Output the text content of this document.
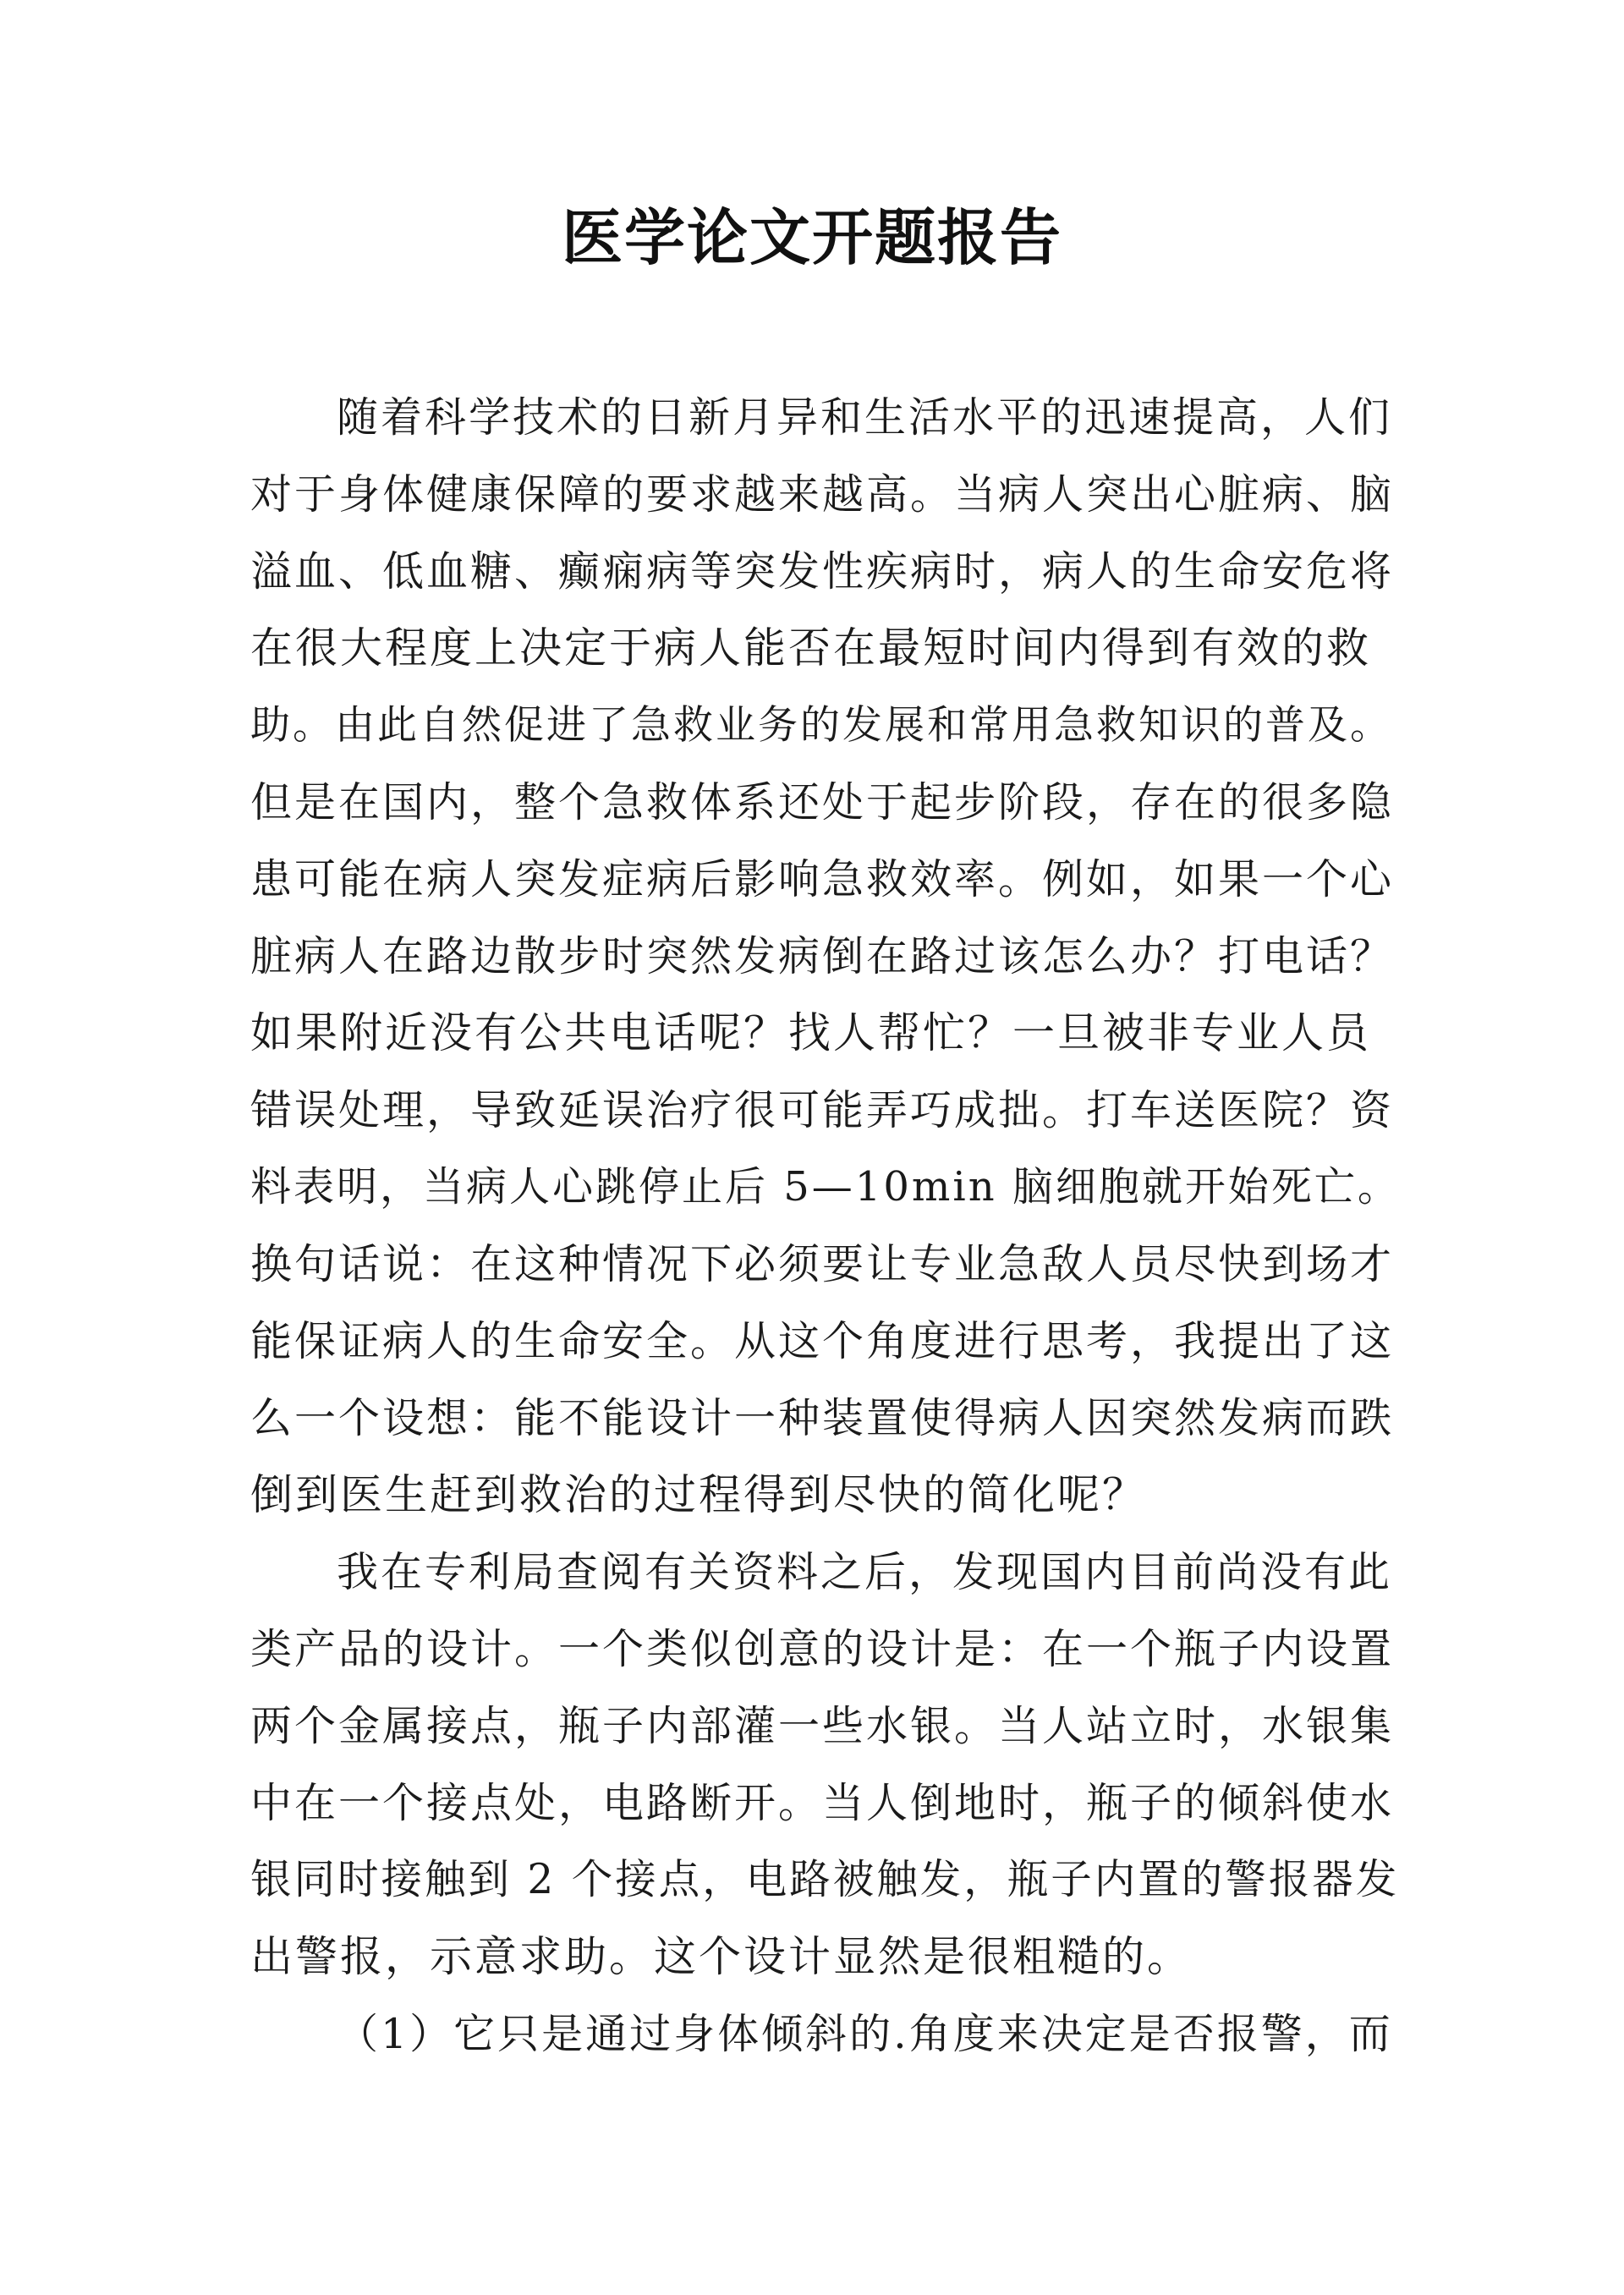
医学论文开题报告
随着科学技术的日新月异和生活水平的迅速提高，人们
对于身体健康保障的要求越来越高。当病人突出心脏病、脑
溢血、低血糖、癫痫病等突发性疾病时，病人的生命安危将
在很大程度上决定于病人能否在最短时间内得到有效的救
助。由此自然促进了急救业务的发展和常用急救知识的普及。
但是在国内，整个急救体系还处于起步阶段，存在的很多隐
患可能在病人突发症病后影响急救效率。例如，如果一个心
脏病人在路边散步时突然发病倒在路过该怎么办？打电话？
如果附近没有公共电话呢？找人帮忙？一旦被非专业人员
错误处理，导致延误治疗很可能弄巧成拙。打车送医院？资
料表明，当病人心跳停止后 5—10min 脑细胞就开始死亡。
换句话说：在这种情况下必须要让专业急敌人员尽快到场才
能保证病人的生命安全。从这个角度进行思考，我提出了这
么一个设想：能不能设计一种装置使得病人因突然发病而跌
倒到医生赶到救治的过程得到尽快的简化呢？
我在专利局查阅有关资料之后，发现国内目前尚没有此
类产品的设计。一个类似创意的设计是：在一个瓶子内设置
两个金属接点，瓶子内部灌一些水银。当人站立时，水银集
中在一个接点处，电路断开。当人倒地时，瓶子的倾斜使水
银同时接触到 2 个接点，电路被触发，瓶子内置的警报器发
出警报，示意求助。这个设计显然是很粗糙的。
（1）它只是通过身体倾斜的.角度来决定是否报警，而
